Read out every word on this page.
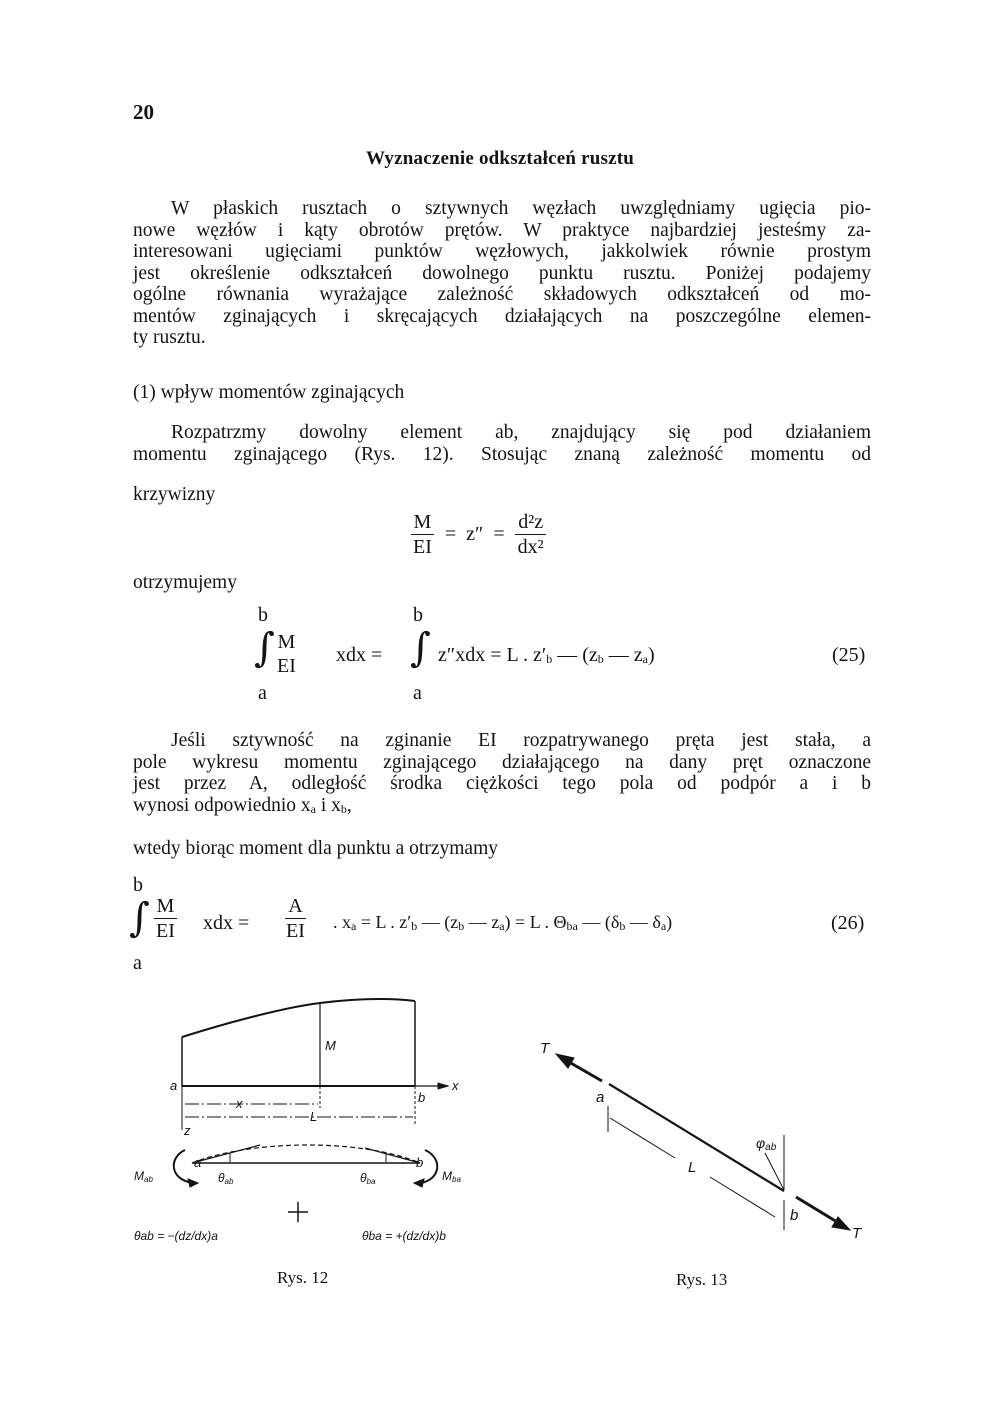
20
Wyznaczenie odkształceń rusztu
W płaskich rusztach o sztywnych węzłach uwzględniamy ugięcia pio-
nowe węzłów i kąty obrotów prętów. W praktyce najbardziej jesteśmy za-
interesowani ugięciami punktów węzłowych, jakkolwiek równie prostym
jest określenie odkształceń dowolnego punktu rusztu. Poniżej podajemy
ogólne równania wyrażające zależność składowych odkształceń od mo-
mentów zginających i skręcających działających na poszczególne elemen-
ty rusztu.
(1) wpływ momentów zginających
Rozpatrzmy dowolny element ab, znajdujący się pod działaniem
momentu zginającego (Rys. 12). Stosując znaną zależność momentu od
krzywizny
$\frac{M}{EI} = z'' = \frac{\text{d²z}}{\text{dx²}}$
otrzymujemy
b
a
∫ M
EI xdx =
b
a
∫ z″xdx = L . $z'_b$ — ($z_b$ — $z_a$)	(25)
Jeśli sztywność na zginanie EI rozpatrywanego pręta jest stała, a
pole wykresu momentu zginającego działającego na dany pręt oznaczone
jest przez A, odległość środka ciężkości tego pola od podpór a i b
wynosi odpowiednio $x_a$ i $x_b$,
wtedy biorąc moment dla punktu a otrzymamy
b
a
∫ $\frac{M}{EI}$ xdx = $\frac{A}{EI}$ . $x_a = L$ . $z'_b$ — ($z_b$ — $z_a) = L$ . $\Theta_{ba}$ — ($\delta_b$ — $\delta_a$)	(26)
M
a
b
x
x
L
z
a	b
Mab	Mba
θab	θba
θab = −(dz/dx)a	θba = +(dz/dx)b
Rys. 12
T
a
L
b
T
φab
Rys. 13
